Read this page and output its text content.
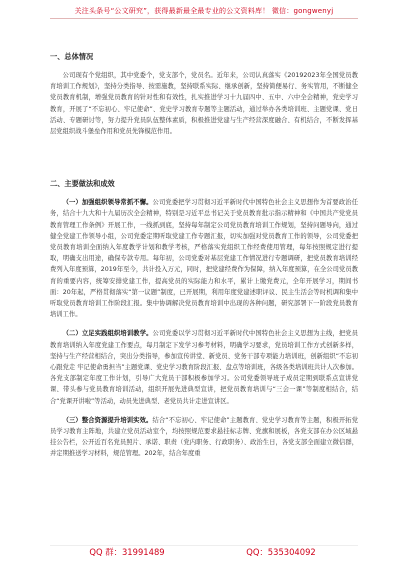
关注头条号“公文研究”，获得最新最全最专业的公文资料库！ 微信：gongwenyj
一、总体情况

公司现有个党组织，其中党委个，党支部个，党员名。近年来，公司认真落实《20192023年全国党员教育培训工作规划》，坚持分类指导、按需施教，坚持联系实际、继承创新，坚持简便易行、务实管用，不断健全党员教育机制，增强党员教育的针对性和有效性，扎实推进学习十九届四中、五中、六中全会精神，党史学习教育，开展了“不忘初心、牢记使命”、党史学习教育专题等主题活动，通过举办各类培训班、主题党课、党日活动、专题研讨等，努力提升党员队伍整体素质，积极推进党建与生产经营深度融合、有机结合，不断发挥基层党组织战斗堡垒作用和党员先锋模范作用。

二、主要做法和成效

（一）加强组织领导常抓不懈。公司党委把学习贯彻习近平新时代中国特色社会主义思想作为首要政治任务，结合十九大和十九届历次全会精神，特别是习近平总书记关于党员教育批示指示精神和《中国共产党党员教育管理工作条例》开展工作，一线抓到底，坚持每年制定公司党员教育培训工作规划，坚持问题导向，通过健全党建工作领导小组，公司党委定期听取党建工作专题汇报，切实加强对党员教育工作的领导，公司党委把党员教育培训全面纳入年度教学计划和教学考核，严格落实党组织工作经费使用管理，每年按照规定进行提取，明确支出用途，确保专款专用。每年初，公司党委对基层党建工作情况进行专题调研，把党员教育培训经费列入年度预算，2019年至今，共计投入万元，同时，把党建经费作为保障，纳入年度预算，在全公司党员教育的重要内容，统筹安排党建工作，提高党员的实际能力和水平，累计上缴党费元，全年开展学习，期间书面：20年起，严格贯彻落实“第一议题”制度，已开展期，利用年度党建述职评议、民主生活会等时机调和集中听取党员教育培训工作阶段汇报。集中协调解决党员教育培训中出现的各种问题，研究部署下一阶段党员教育培训工作。

（二）立足实践组织培训教学。公司党委以学习贯彻习近平新时代中国特色社会主义思想为主线，把党员教育培训纳入年度党建工作要点，每月制定下发学习参考材料，明确学习要求，党员培训工作方式创新多样，坚持与生产经营相结合，突出分类指导，参加宣传讲堂、新党员、党务干部专项能力培训班，创新组织“不忘初心跟党走 牢记使命勇担当”主题党课、党史学习教育阶段汇报、盘点等培训班，各级各类培训班共计人次参加。各党支部制定年度工作计划，引导广大党员干部积极参加学习。公司党委领导班子成员定期到联系点宣讲党课、带头参与党员教育培训活动，组织开展先进典型宣讲，把党员教育培训与“三会一课”等制度相结合，结合“党课开讲啦”等活动，动员先进典型、老党员共计走进宣讲区。

（三）整合资源提升培训实效。结合“不忘初心、牢记使命”主题教育、党史学习教育等主题，积极开拓党员学习教育主阵地，共建立党员活动室个，均按照规范要求悬挂标志牌、党旗和展板，各党支部在办公区域悬挂公告栏，公开近百名党员照片、承诺、职责（党内职务、行政职务）、政治生日，各党支部全面建立微信群，并定期推送学习材料，规范管理。202年，结合年度重

QQ 群：31991489	QQ：535304092
